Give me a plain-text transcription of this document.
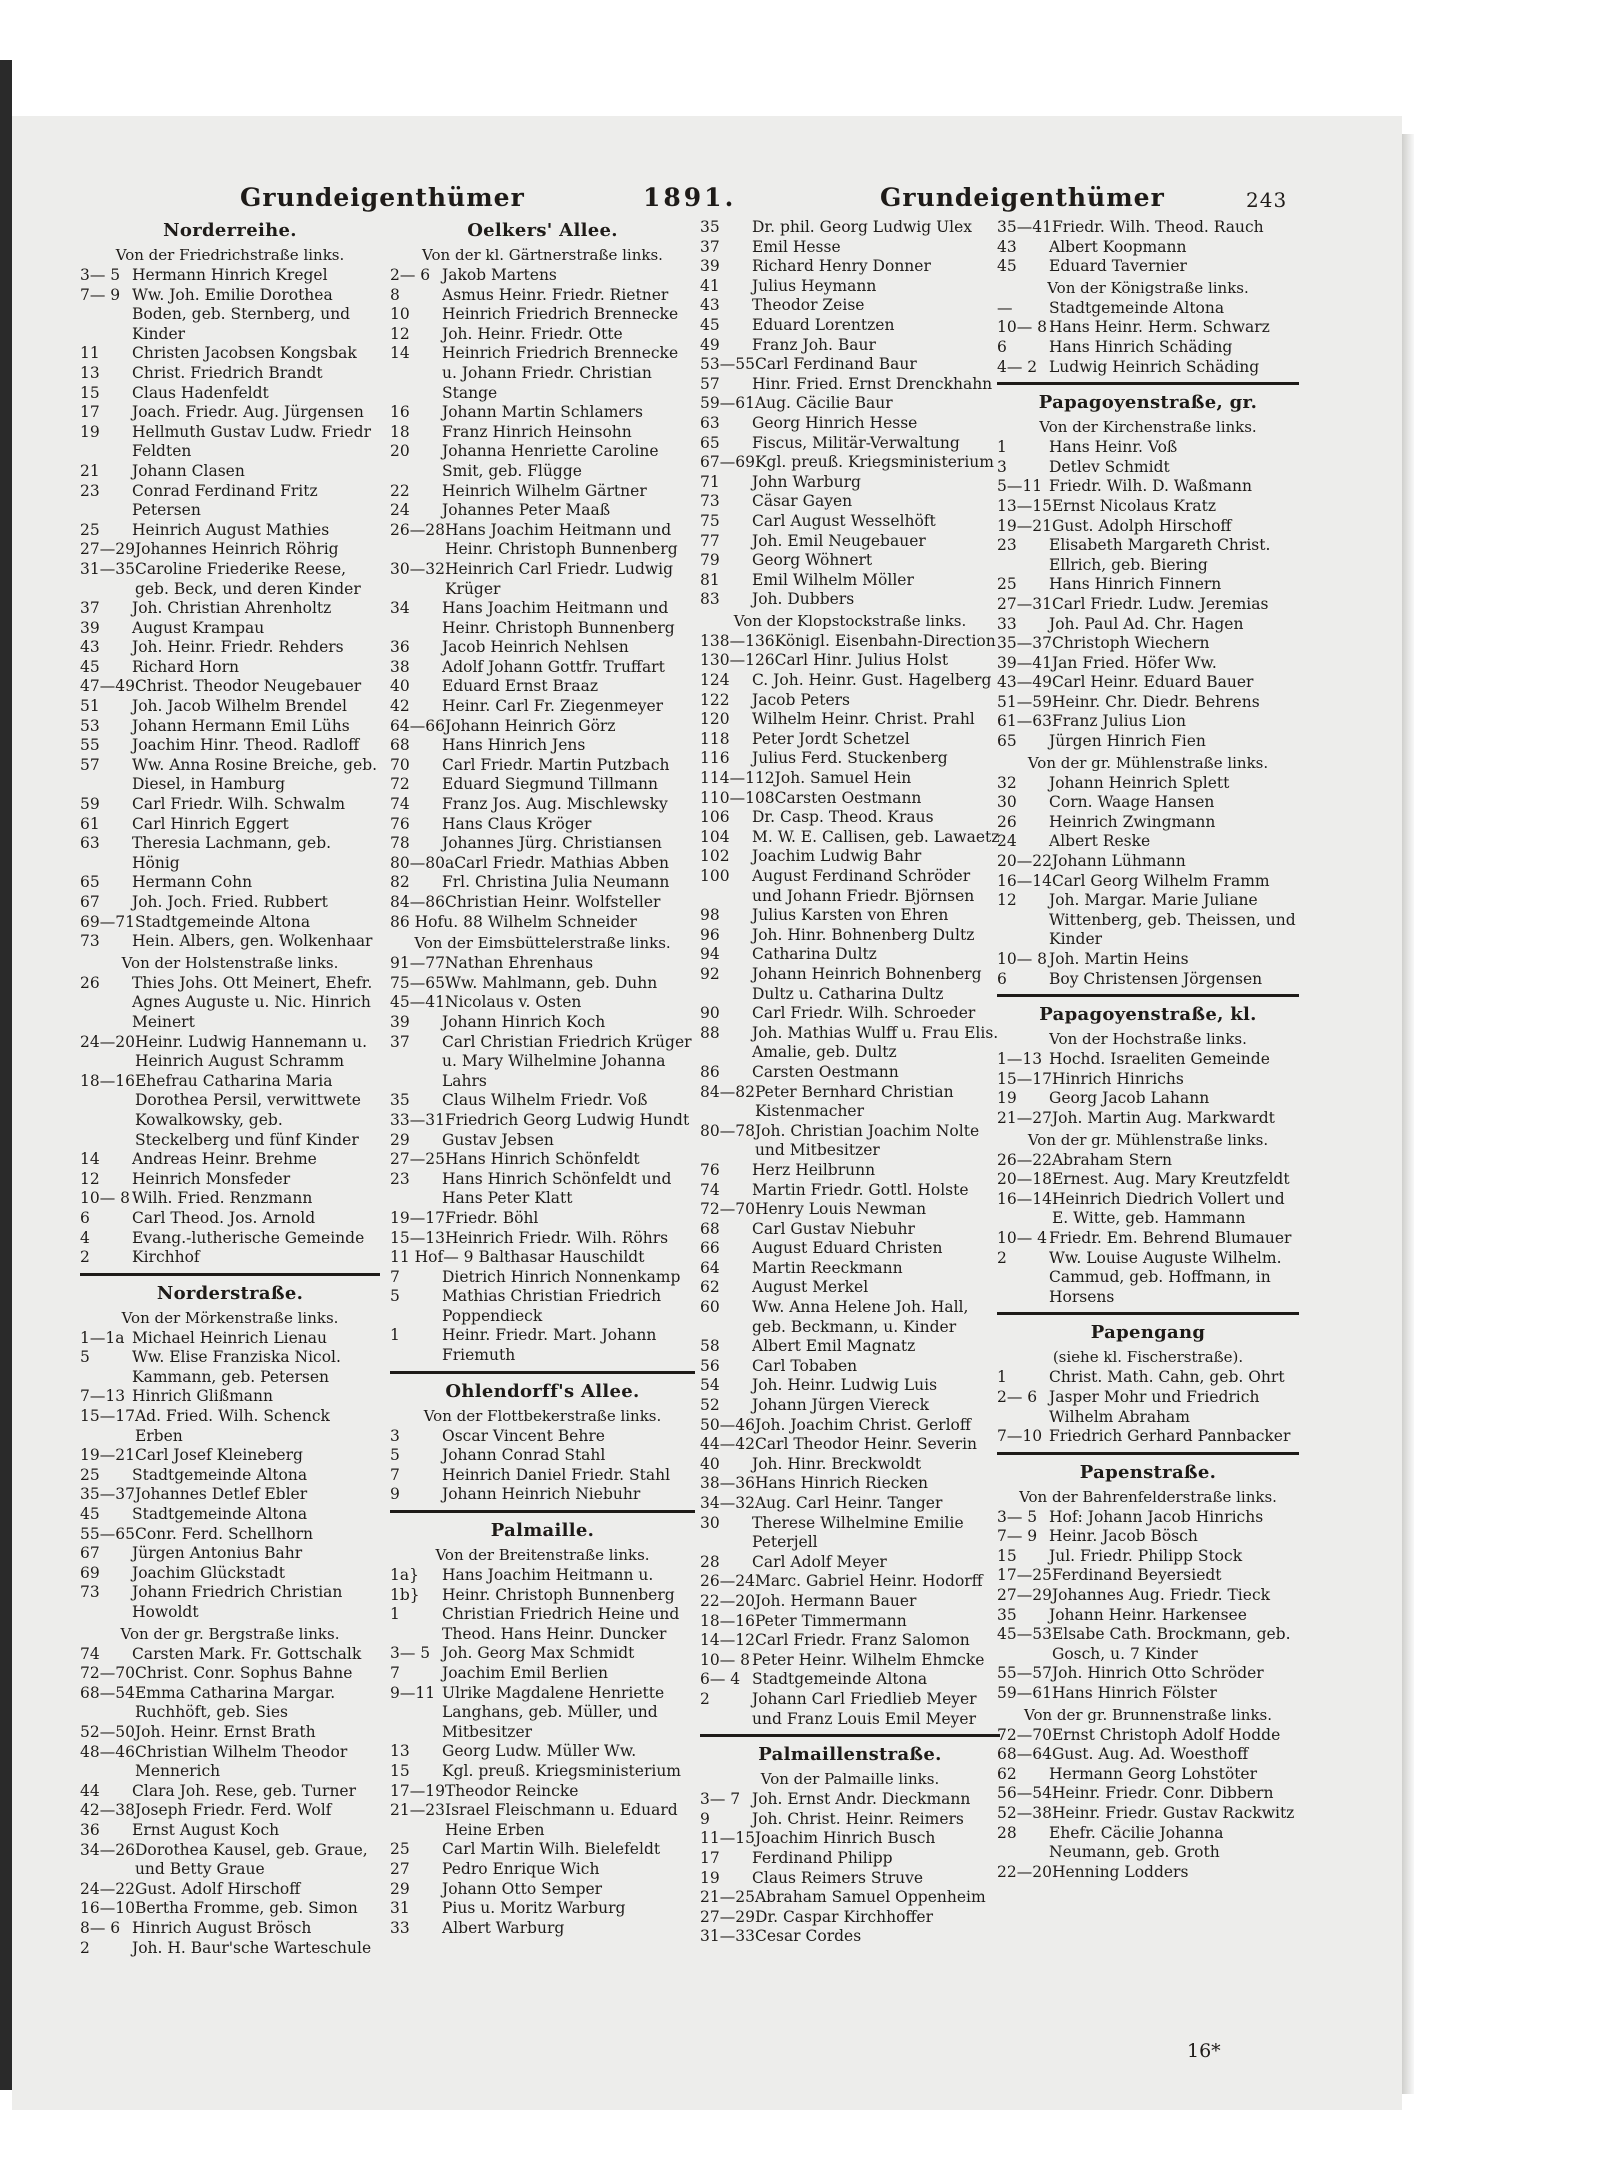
Grundeigenthümer	1891.	Grundeigenthümer	243
Norderreihe.
Von der Friedrichstraße links.
3— 5 Hermann Hinrich Kregel
7— 9 Ww. Joh. Emilie Dorothea Boden, geb. Sternberg, und Kinder
11	Christen Jacobsen Kongsbak
13	Christ. Friedrich Brandt
15	Claus Hadenfeldt
17	Joach. Friedr. Aug. Jürgensen
19	Hellmuth Gustav Ludw. Friedr Feldten
21	Johann Clasen
23	Conrad Ferdinand Fritz Petersen
25	Heinrich August Mathies
27—29 Johannes Heinrich Röhrig
31—35 Caroline Friederike Reese, geb. Beck, und deren Kinder
37	Joh. Christian Ahrenholtz
39	August Krampau
43	Joh. Heinr. Friedr. Rehders
45	Richard Horn
47—49 Christ. Theodor Neugebauer
51	Joh. Jacob Wilhelm Brendel
53	Johann Hermann Emil Lühs
55	Joachim Hinr. Theod. Radloff
57	Ww. Anna Rosine Breiche, geb. Diesel, in Hamburg
59	Carl Friedr. Wilh. Schwalm
61	Carl Hinrich Eggert
63	Theresia Lachmann, geb. Hönig
65	Hermann Cohn
67	Joh. Joch. Fried. Rubbert
69—71 Stadtgemeinde Altona
73	Hein. Albers, gen. Wolkenhaar
Von der Holstenstraße links.
26	Thies Johs. Ott Meinert, Ehefr. Agnes Auguste u. Nic. Hinrich Meinert
24—20 Heinr. Ludwig Hannemann u. Heinrich August Schramm
18—16 Ehefrau Catharina Maria Dorothea Persil, verwittwete Kowalkowsky, geb. Steckelberg und fünf Kinder
14	Andreas Heinr. Brehme
12	Heinrich Monsfeder
10— 8 Wilh. Fried. Renzmann
6	Carl Theod. Jos. Arnold
4	Evang.-lutherische Gemeinde
2	Kirchhof
Norderstraße.
Von der Mörkenstraße links.
1—1a Michael Heinrich Lienau
5	Ww. Elise Franziska Nicol. Kammann, geb. Petersen
7—13 Hinrich Glißmann
15—17 Ad. Fried. Wilh. Schenck Erben
19—21 Carl Josef Kleineberg
25	Stadtgemeinde Altona
35—37 Johannes Detlef Ebler
45	Stadtgemeinde Altona
55—65 Conr. Ferd. Schellhorn
67	Jürgen Antonius Bahr
69	Joachim Glückstadt
73	Johann Friedrich Christian Howoldt
Von der gr. Bergstraße links.
74	Carsten Mark. Fr. Gottschalk
72—70 Christ. Conr. Sophus Bahne
68—54 Emma Catharina Margar. Ruchhöft, geb. Sies
52—50 Joh. Heinr. Ernst Brath
48—46 Christian Wilhelm Theodor Mennerich
44	Clara Joh. Rese, geb. Turner
42—38 Joseph Friedr. Ferd. Wolf
36	Ernst August Koch
34—26 Dorothea Kausel, geb. Graue, und Betty Graue
24—22 Gust. Adolf Hirschoff
16—10 Bertha Fromme, geb. Simon
8— 6 Hinrich August Brösch
2	Joh. H. Baur'sche Warteschule
Oelkers' Allee.
Von der kl. Gärtnerstraße links.
2— 6 Jakob Martens
8	Asmus Heinr. Friedr. Rietner
10	Heinrich Friedrich Brennecke
12	Joh. Heinr. Friedr. Otte
14	Heinrich Friedrich Brennecke u. Johann Friedr. Christian Stange
16	Johann Martin Schlamers
18	Franz Hinrich Heinsohn
20	Johanna Henriette Caroline Smit, geb. Flügge
22	Heinrich Wilhelm Gärtner
24	Johannes Peter Maaß
26—28 Hans Joachim Heitmann und Heinr. Christoph Bunnenberg
30—32 Heinrich Carl Friedr. Ludwig Krüger
34	Hans Joachim Heitmann und Heinr. Christoph Bunnenberg
36	Jacob Heinrich Nehlsen
38	Adolf Johann Gottfr. Truffart
40	Eduard Ernst Braaz
42	Heinr. Carl Fr. Ziegenmeyer
64—66 Johann Heinrich Görz
68	Hans Hinrich Jens
70	Carl Friedr. Martin Putzbach
72	Eduard Siegmund Tillmann
74	Franz Jos. Aug. Mischlewsky
76	Hans Claus Kröger
78	Johannes Jürg. Christiansen
80—80a Carl Friedr. Mathias Abben
82	Frl. Christina Julia Neumann
84—86 Christian Heinr. Wolfsteller
86 Hof u. 88 Wilhelm Schneider
Von der Eimsbüttelerstraße links.
91—77 Nathan Ehrenhaus
75—65 Ww. Mahlmann, geb. Duhn
45—41 Nicolaus v. Osten
39	Johann Hinrich Koch
37	Carl Christian Friedrich Krüger u. Mary Wilhelmine Johanna Lahrs
35	Claus Wilhelm Friedr. Voß
33—31 Friedrich Georg Ludwig Hundt
29	Gustav Jebsen
27—25 Hans Hinrich Schönfeldt
23	Hans Hinrich Schönfeldt und Hans Peter Klatt
19—17 Friedr. Böhl
15—13 Heinrich Friedr. Wilh. Röhrs
11 Hof — 9 Balthasar Hauschildt
7	Dietrich Hinrich Nonnenkamp
5	Mathias Christian Friedrich Poppendieck
1	Heinr. Friedr. Mart. Johann Friemuth
Ohlendorff's Allee.
Von der Flottbekerstraße links.
3	Oscar Vincent Behre
5	Johann Conrad Stahl
7	Heinrich Daniel Friedr. Stahl
9	Johann Heinrich Niebuhr
Palmaille.
Von der Breitenstraße links.
1a}	Hans Joachim Heitmann u.
1b}	Heinr. Christoph Bunnenberg
1	Christian Friedrich Heine und Theod. Hans Heinr. Duncker
3— 5 Joh. Georg Max Schmidt
7	Joachim Emil Berlien
9—11 Ulrike Magdalene Henriette Langhans, geb. Müller, und Mitbesitzer
13	Georg Ludw. Müller Ww.
15	Kgl. preuß. Kriegsministerium
17—19 Theodor Reincke
21—23 Israel Fleischmann u. Eduard Heine Erben
25	Carl Martin Wilh. Bielefeldt
27	Pedro Enrique Wich
29	Johann Otto Semper
31	Pius u. Moritz Warburg
33	Albert Warburg
35	Dr. phil. Georg Ludwig Ulex
37	Emil Hesse
39	Richard Henry Donner
41	Julius Heymann
43	Theodor Zeise
45	Eduard Lorentzen
49	Franz Joh. Baur
53—55 Carl Ferdinand Baur
57	Hinr. Fried. Ernst Drenckhahn
59—61 Aug. Cäcilie Baur
63	Georg Hinrich Hesse
65	Fiscus, Militär-Verwaltung
67—69 Kgl. preuß. Kriegsministerium
71	John Warburg
73	Cäsar Gayen
75	Carl August Wesselhöft
77	Joh. Emil Neugebauer
79	Georg Wöhnert
81	Emil Wilhelm Möller
83	Joh. Dubbers
Von der Klopstockstraße links.
138—136 Königl. Eisenbahn-Direction
130—126 Carl Hinr. Julius Holst
124	C. Joh. Heinr. Gust. Hagelberg
122	Jacob Peters
120	Wilhelm Heinr. Christ. Prahl
118	Peter Jordt Schetzel
116	Julius Ferd. Stuckenberg
114—112 Joh. Samuel Hein
110—108 Carsten Oestmann
106	Dr. Casp. Theod. Kraus
104	M. W. E. Callisen, geb. Lawaetz
102	Joachim Ludwig Bahr
100	August Ferdinand Schröder und Johann Friedr. Björnsen
98	Julius Karsten von Ehren
96	Joh. Hinr. Bohnenberg Dultz
94	Catharina Dultz
92	Johann Heinrich Bohnenberg Dultz u. Catharina Dultz
90	Carl Friedr. Wilh. Schroeder
88	Joh. Mathias Wulff u. Frau Elis. Amalie, geb. Dultz
86	Carsten Oestmann
84—82 Peter Bernhard Christian Kistenmacher
80—78 Joh. Christian Joachim Nolte und Mitbesitzer
76	Herz Heilbrunn
74	Martin Friedr. Gottl. Holste
72—70 Henry Louis Newman
68	Carl Gustav Niebuhr
66	August Eduard Christen
64	Martin Reeckmann
62	August Merkel
60	Ww. Anna Helene Joh. Hall, geb. Beckmann, u. Kinder
58	Albert Emil Magnatz
56	Carl Tobaben
54	Joh. Heinr. Ludwig Luis
52	Johann Jürgen Viereck
50—46 Joh. Joachim Christ. Gerloff
44—42 Carl Theodor Heinr. Severin
40	Joh. Hinr. Breckwoldt
38—36 Hans Hinrich Riecken
34—32 Aug. Carl Heinr. Tanger
30	Therese Wilhelmine Emilie Peterjell
28	Carl Adolf Meyer
26—24 Marc. Gabriel Heinr. Hodorff
22—20 Joh. Hermann Bauer
18—16 Peter Timmermann
14—12 Carl Friedr. Franz Salomon
10— 8 Peter Heinr. Wilhelm Ehmcke
6— 4 Stadtgemeinde Altona
2	Johann Carl Friedlieb Meyer und Franz Louis Emil Meyer
Palmaillenstraße.
Von der Palmaille links.
3— 7 Joh. Ernst Andr. Dieckmann
9	Joh. Christ. Heinr. Reimers
11—15 Joachim Hinrich Busch
17	Ferdinand Philipp
19	Claus Reimers Struve
21—25 Abraham Samuel Oppenheim
27—29 Dr. Caspar Kirchhoffer
31—33 Cesar Cordes
35—41 Friedr. Wilh. Theod. Rauch
43	Albert Koopmann
45	Eduard Tavernier
Von der Königstraße links.
—	Stadtgemeinde Altona
10— 8 Hans Heinr. Herm. Schwarz
6	Hans Hinrich Schäding
4— 2 Ludwig Heinrich Schäding
Papagoyenstraße, gr.
Von der Kirchenstraße links.
1	Hans Heinr. Voß
3	Detlev Schmidt
5—11 Friedr. Wilh. D. Waßmann
13—15 Ernst Nicolaus Kratz
19—21 Gust. Adolph Hirschoff
23	Elisabeth Margareth Christ. Ellrich, geb. Biering
25	Hans Hinrich Finnern
27—31 Carl Friedr. Ludw. Jeremias
33	Joh. Paul Ad. Chr. Hagen
35—37 Christoph Wiechern
39—41 Jan Fried. Höfer Ww.
43—49 Carl Heinr. Eduard Bauer
51—59 Heinr. Chr. Diedr. Behrens
61—63 Franz Julius Lion
65	Jürgen Hinrich Fien
Von der gr. Mühlenstraße links.
32	Johann Heinrich Splett
30	Corn. Waage Hansen
26	Heinrich Zwingmann
24	Albert Reske
20—22 Johann Lühmann
16—14 Carl Georg Wilhelm Framm
12	Joh. Margar. Marie Juliane Wittenberg, geb. Theissen, und Kinder
10— 8 Joh. Martin Heins
6	Boy Christensen Jörgensen
Papagoyenstraße, kl.
Von der Hochstraße links.
1—13 Hochd. Israeliten Gemeinde
15—17 Hinrich Hinrichs
19	Georg Jacob Lahann
21—27 Joh. Martin Aug. Markwardt
Von der gr. Mühlenstraße links.
26—22 Abraham Stern
20—18 Ernest. Aug. Mary Kreutzfeldt
16—14 Heinrich Diedrich Vollert und E. Witte, geb. Hammann
10— 4 Friedr. Em. Behrend Blumauer
2	Ww. Louise Auguste Wilhelm. Cammud, geb. Hoffmann, in Horsens
Papengang
(siehe kl. Fischerstraße).
1	Christ. Math. Cahn, geb. Ohrt
2— 6 Jasper Mohr und Friedrich Wilhelm Abraham
7—10 Friedrich Gerhard Pannbacker
Papenstraße.
Von der Bahrenfelderstraße links.
3— 5 Hof: Johann Jacob Hinrichs
7— 9 Heinr. Jacob Bösch
15	Jul. Friedr. Philipp Stock
17—25 Ferdinand Beyersiedt
27—29 Johannes Aug. Friedr. Tieck
35	Johann Heinr. Harkensee
45—53 Elsabe Cath. Brockmann, geb. Gosch, u. 7 Kinder
55—57 Joh. Hinrich Otto Schröder
59—61 Hans Hinrich Fölster
Von der gr. Brunnenstraße links.
72—70 Ernst Christoph Adolf Hodde
68—64 Gust. Aug. Ad. Woesthoff
62	Hermann Georg Lohstöter
56—54 Heinr. Friedr. Conr. Dibbern
52—38 Heinr. Friedr. Gustav Rackwitz
28	Ehefr. Cäcilie Johanna Neumann, geb. Groth
22—20 Henning Lodders
16*
